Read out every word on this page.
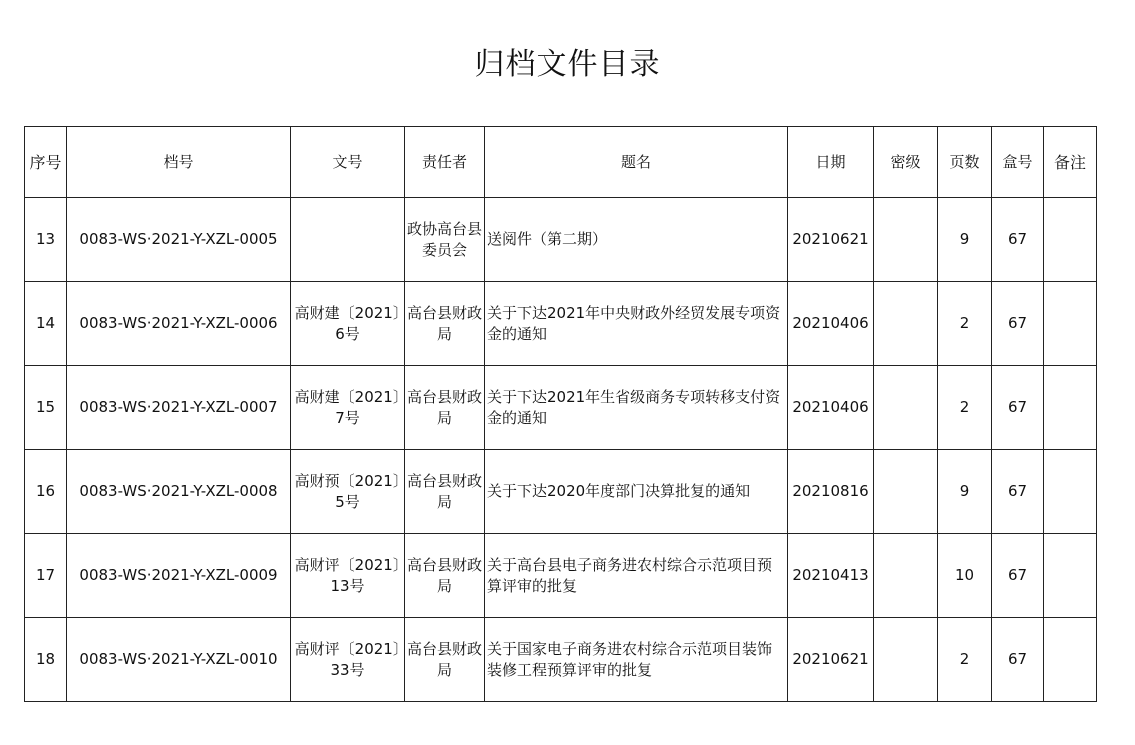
归档文件目录
序号	档号	文号	责任者	题名	日期	密级	页数	盒号	备注
13	0083-WS·2021-Y-XZL-0005		政协高台县委员会	送阅件（第二期）	20210621		9	67	
14	0083-WS·2021-Y-XZL-0006	高财建〔2021〕6号	高台县财政局	关于下达2021年中央财政外经贸发展专项资金的通知	20210406		2	67	
15	0083-WS·2021-Y-XZL-0007	高财建〔2021〕7号	高台县财政局	关于下达2021年生省级商务专项转移支付资金的通知	20210406		2	67	
16	0083-WS·2021-Y-XZL-0008	高财预〔2021〕5号	高台县财政局	关于下达2020年度部门决算批复的通知	20210816		9	67	
17	0083-WS·2021-Y-XZL-0009	高财评〔2021〕13号	高台县财政局	关于高台县电子商务进农村综合示范项目预算评审的批复	20210413		10	67	
18	0083-WS·2021-Y-XZL-0010	高财评〔2021〕33号	高台县财政局	关于国家电子商务进农村综合示范项目装饰装修工程预算评审的批复	20210621		2	67	
